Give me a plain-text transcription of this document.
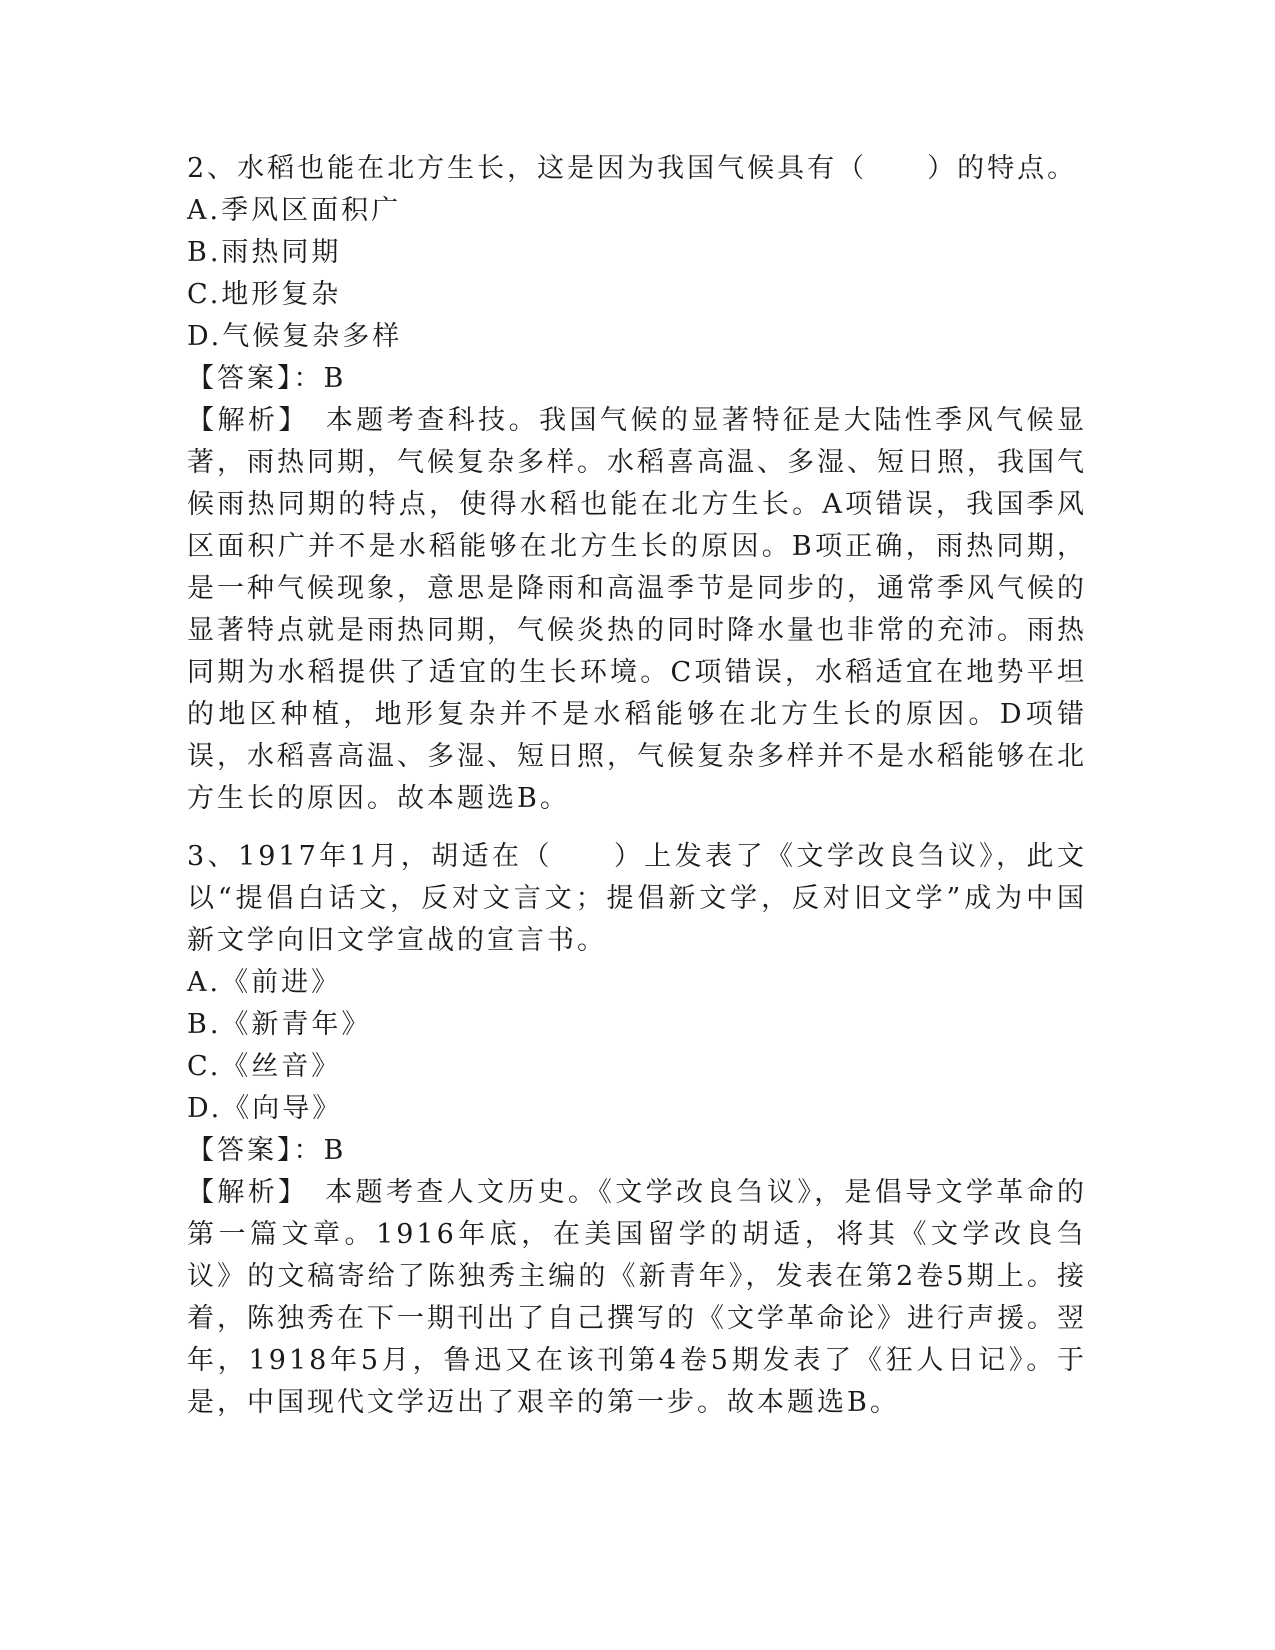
2、水稻也能在北方生长，这是因为我国气候具有（　　）的特点。

A.季风区面积广

B.雨热同期

C.地形复杂

D.气候复杂多样

【答案】：B

【解析】　本题考查科技。我国气候的显著特征是大陆性季风气候显著，雨热同期，气候复杂多样。水稻喜高温、多湿、短日照，我国气候雨热同期的特点，使得水稻也能在北方生长。A项错误，我国季风区面积广并不是水稻能够在北方生长的原因。B项正确，雨热同期，是一种气候现象，意思是降雨和高温季节是同步的，通常季风气候的显著特点就是雨热同期，气候炎热的同时降水量也非常的充沛。雨热同期为水稻提供了适宜的生长环境。C项错误，水稻适宜在地势平坦的地区种植，地形复杂并不是水稻能够在北方生长的原因。D项错误，水稻喜高温、多湿、短日照，气候复杂多样并不是水稻能够在北方生长的原因。故本题选B。

3、1917年1月，胡适在（　　）上发表了《文学改良刍议》，此文以“提倡白话文，反对文言文；提倡新文学，反对旧文学”成为中国新文学向旧文学宣战的宣言书。

A.《前进》

B.《新青年》

C.《丝音》

D.《向导》

【答案】：B

【解析】　本题考查人文历史。《文学改良刍议》，是倡导文学革命的第一篇文章。1916年底，在美国留学的胡适，将其《文学改良刍议》的文稿寄给了陈独秀主编的《新青年》，发表在第2卷5期上。接着，陈独秀在下一期刊出了自己撰写的《文学革命论》进行声援。翌年，1918年5月，鲁迅又在该刊第4卷5期发表了《狂人日记》。于是，中国现代文学迈出了艰辛的第一步。故本题选B。
